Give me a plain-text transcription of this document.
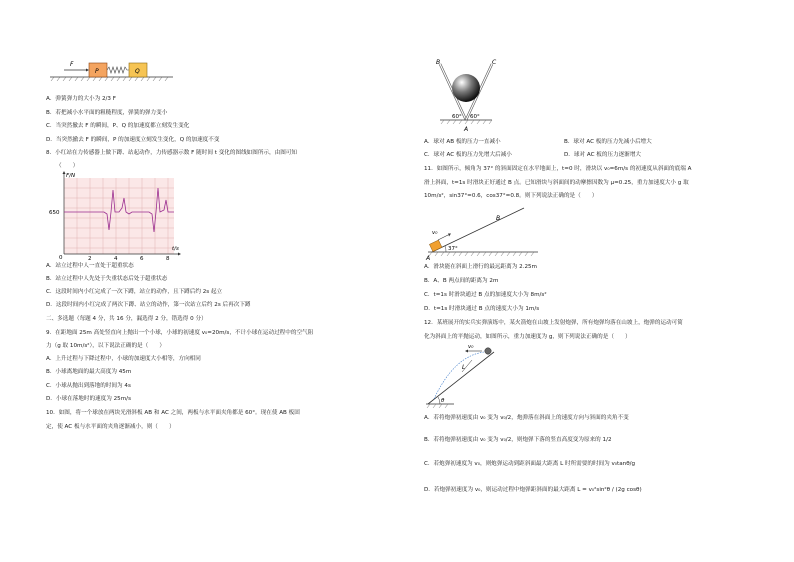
F
P	Q
A．弹簧弹力的大小为 2/3 F
B．若把减小水平面的粗糙程度，弹簧的弹力变小
C．当突然撤去 F 的瞬间，P、Q 的加速度都立刻发生变化
D．当突然撤去 F 的瞬间，P 的加速度立刻发生变化，Q 的加速度不变
8．小红站在力传感器上做下蹲、站起动作，力传感器示数 F 随时间 t 变化的图线如图所示，由图可知
（　　）
F/N
650
0	2	4	6	8
t/s
A．站立过程中人一直处于超重状态
B．站立过程中人先处于失重状态后处于超重状态
C．这段时间内小红完成了一次下蹲，站立的动作，且下蹲后约 2s 起立
D．这段时间内小红完成了两次下蹲、站立的动作，第一次站立后约 2s 后再次下蹲
二、多选题（每题 4 分，共 16 分，漏选得 2 分，错选得 0 分）
9．在距地面 25m 高处竖直向上抛出一个小球，小球的初速度 v₀=20m/s，不计小球在运动过程中的空气阻
力（g 取 10m/s²），以下说法正确的是（　　）
A．上升过程与下降过程中，小球的加速度大小相等，方向相同
B．小球离地面的最大高度为 45m
C．小球从抛出到落地的时间为 4s
D．小球在落地时的速度为 25m/s
10．如图，将一个球放在两块光滑斜板 AB 和 AC 之间，两板与水平面夹角都是 60°。现在使 AB 板固
定，使 AC 板与水平面的夹角逐渐减小，则（　　）
B	C
60° 60°
A
A．球对 AB 板的压力一直减小	B．球对 AC 板的压力先减小后增大
C．球对 AC 板的压力先增大后减小	D．球对 AC 板的压力逐渐增大
11．如图所示，倾角为 37° 的斜面固定在水平地面上，t=0 时，滑块以 v₀=6m/s 的初速度从斜面的底端 A
滑上斜面，t=1s 时滑块正好通过 B 点。已知滑块与斜面间的动摩擦因数为 μ=0.25，重力加速度大小 g 取
10m/s²，sin37°=0.6，cos37°=0.8。则下列说法正确的是（　　）
v₀
B
37°
A
A．滑块能在斜面上滑行的最远距离为 2.25m
B．A、B 两点间的距离为 2m
C．t=1s 时滑块通过 B 点的加速度大小为 8m/s²
D．t=1s 时滑块通过 B 点的速度大小为 1m/s
12．某班展开的实兵实弹演练中，某火箭炮在山坡上发射炮弹，所有炮弹均落在山坡上，炮弹的运动可简
化为斜面上的平抛运动，如图所示，重力加速度为 g，则下列说法正确的是（　　）
v₀
L
θ
A．若将炮弹初速度由 v₀ 变为 v₀/2，炮弹落在斜面上的速度方向与斜面的夹角不变
B．若将炮弹初速度由 v₀ 变为 v₀/2，则炮弹下落的竖直高度变为原来的 1/2
C．若炮弹初速度为 v₀，则炮弹运动到距斜面最大距离 L 时所需要的时间为 v₀tanθ/g
D．若炮弹初速度为 v₀，则运动过程中炮弹距斜面的最大距离 L = v₀²sin²θ / (2g cosθ)
